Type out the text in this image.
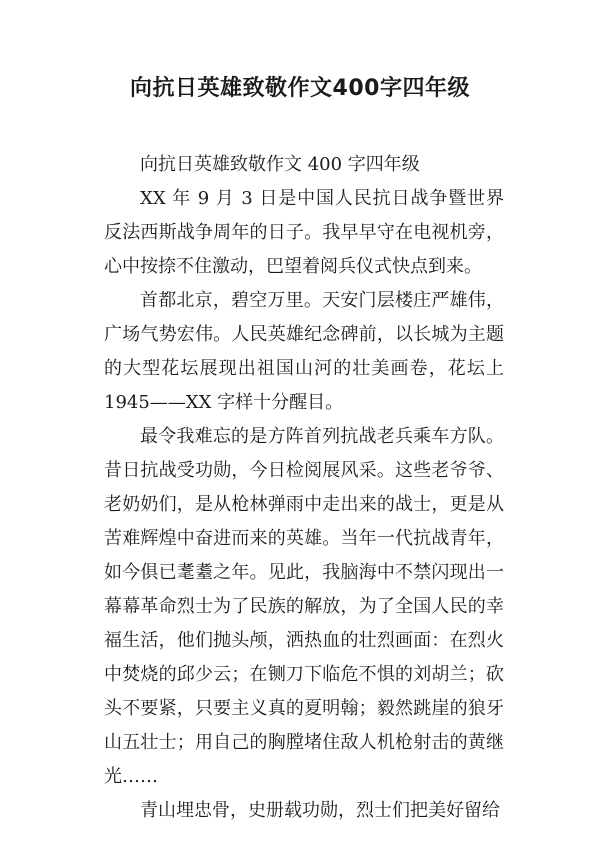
向抗日英雄致敬作文400字四年级

向抗日英雄致敬作文 400 字四年级

XX 年 9 月 3 日是中国人民抗日战争暨世界反法西斯战争周年的日子。我早早守在电视机旁，心中按捺不住激动，巴望着阅兵仪式快点到来。

首都北京，碧空万里。天安门层楼庄严雄伟，广场气势宏伟。人民英雄纪念碑前，以长城为主题的大型花坛展现出祖国山河的壮美画卷，花坛上 1945——XX 字样十分醒目。

最令我难忘的是方阵首列抗战老兵乘车方队。昔日抗战受功勋，今日检阅展风采。这些老爷爷、老奶奶们，是从枪林弹雨中走出来的战士，更是从苦难辉煌中奋进而来的英雄。当年一代抗战青年，如今俱已耄耋之年。见此，我脑海中不禁闪现出一幕幕革命烈士为了民族的解放，为了全国人民的幸福生活，他们抛头颅，洒热血的壮烈画面：在烈火中焚烧的邱少云；在铡刀下临危不惧的刘胡兰；砍头不要紧，只要主义真的夏明翰；毅然跳崖的狼牙山五壮士；用自己的胸膛堵住敌人机枪射击的黄继光……

青山埋忠骨，史册载功勋，烈士们把美好留给
